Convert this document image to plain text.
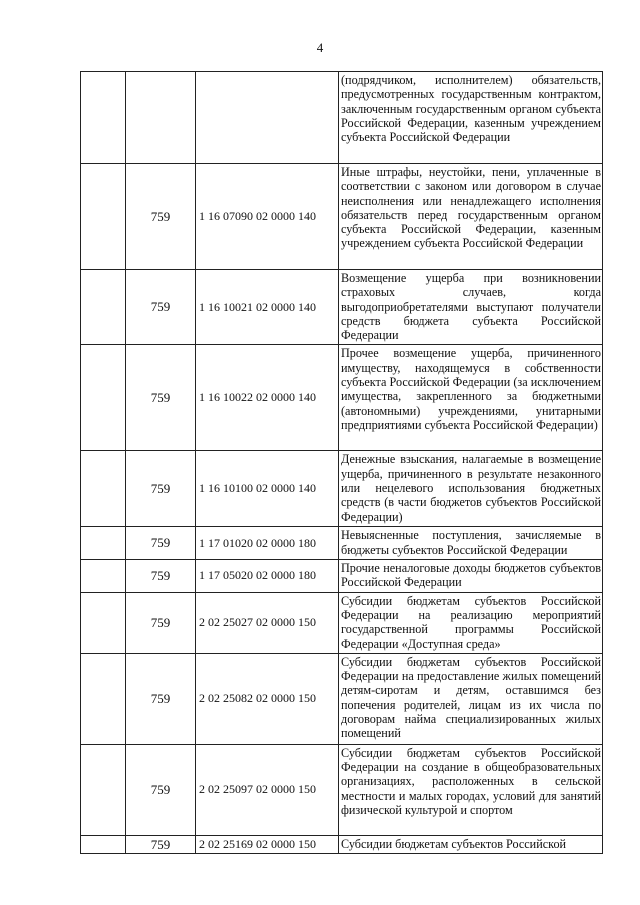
4
			(подрядчиком, исполнителем) обязательств, предусмотренных государственным контрактом, заключенным государственным органом субъекта Российской Федерации, казенным учреждением субъекта Российской Федерации
	759	1 16 07090 02 0000 140	Иные штрафы, неустойки, пени, уплаченные в соответствии с законом или договором в случае неисполнения или ненадлежащего исполнения обязательств перед государственным органом субъекта Российской Федерации, казенным учреждением субъекта Российской Федерации
	759	1 16 10021 02 0000 140	Возмещение ущерба при возникновении страховых случаев, когда выгодоприобретателями выступают получатели средств бюджета субъекта Российской Федерации
	759	1 16 10022 02 0000 140	Прочее возмещение ущерба, причиненного имуществу, находящемуся в собственности субъекта Российской Федерации (за исключением имущества, закрепленного за бюджетными (автономными) учреждениями, унитарными предприятиями субъекта Российской Федерации)
	759	1 16 10100 02 0000 140	Денежные взыскания, налагаемые в возмещение ущерба, причиненного в результате незаконного или нецелевого использования бюджетных средств (в части бюджетов субъектов Российской Федерации)
	759	1 17 01020 02 0000 180	Невыясненные поступления, зачисляемые в бюджеты субъектов Российской Федерации
	759	1 17 05020 02 0000 180	Прочие неналоговые доходы бюджетов субъектов Российской Федерации
	759	2 02 25027 02 0000 150	Субсидии бюджетам субъектов Российской Федерации на реализацию мероприятий государственной программы Российской Федерации «Доступная среда»
	759	2 02 25082 02 0000 150	Субсидии бюджетам субъектов Российской Федерации на предоставление жилых помещений детям-сиротам и детям, оставшимся без попечения родителей, лицам из их числа по договорам найма специализированных жилых помещений
	759	2 02 25097 02 0000 150	Субсидии бюджетам субъектов Российской Федерации на создание в общеобразовательных организациях, расположенных в сельской местности и малых городах, условий для занятий физической культурой и спортом
	759	2 02 25169 02 0000 150	Субсидии бюджетам субъектов Российской
